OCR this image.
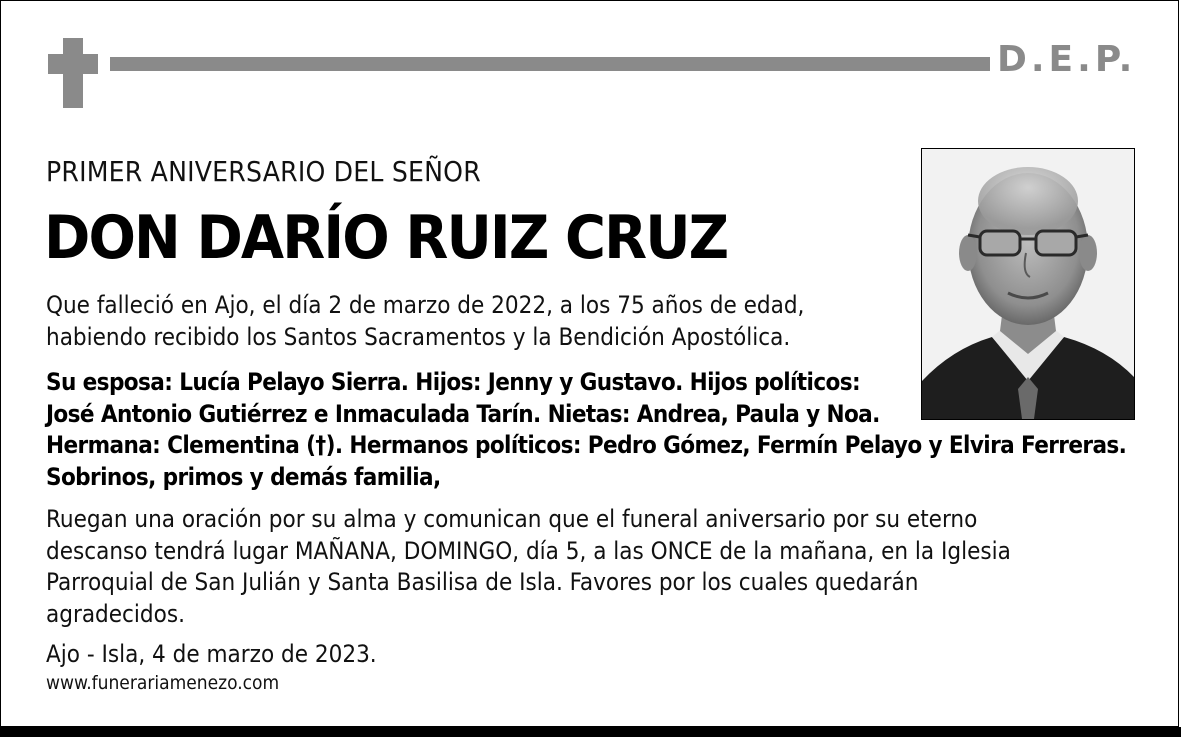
D.E.P.
PRIMER ANIVERSARIO DEL SEÑOR
DON DARÍO RUIZ CRUZ
Que falleció en Ajo, el día 2 de marzo de 2022, a los 75 años de edad,
habiendo recibido los Santos Sacramentos y la Bendición Apostólica.
Su esposa: Lucía Pelayo Sierra. Hijos: Jenny y Gustavo. Hijos políticos:
José Antonio Gutiérrez e Inmaculada Tarín. Nietas: Andrea, Paula y Noa.
Hermana: Clementina (†). Hermanos políticos: Pedro Gómez, Fermín Pelayo y Elvira Ferreras.
Sobrinos, primos y demás familia,
Ruegan una oración por su alma y comunican que el funeral aniversario por su eterno
descanso tendrá lugar MAÑANA, DOMINGO, día 5, a las ONCE de la mañana, en la Iglesia
Parroquial de San Julián y Santa Basilisa de Isla. Favores por los cuales quedarán
agradecidos.
Ajo - Isla, 4 de marzo de 2023.
www.funerariamenezo.com
